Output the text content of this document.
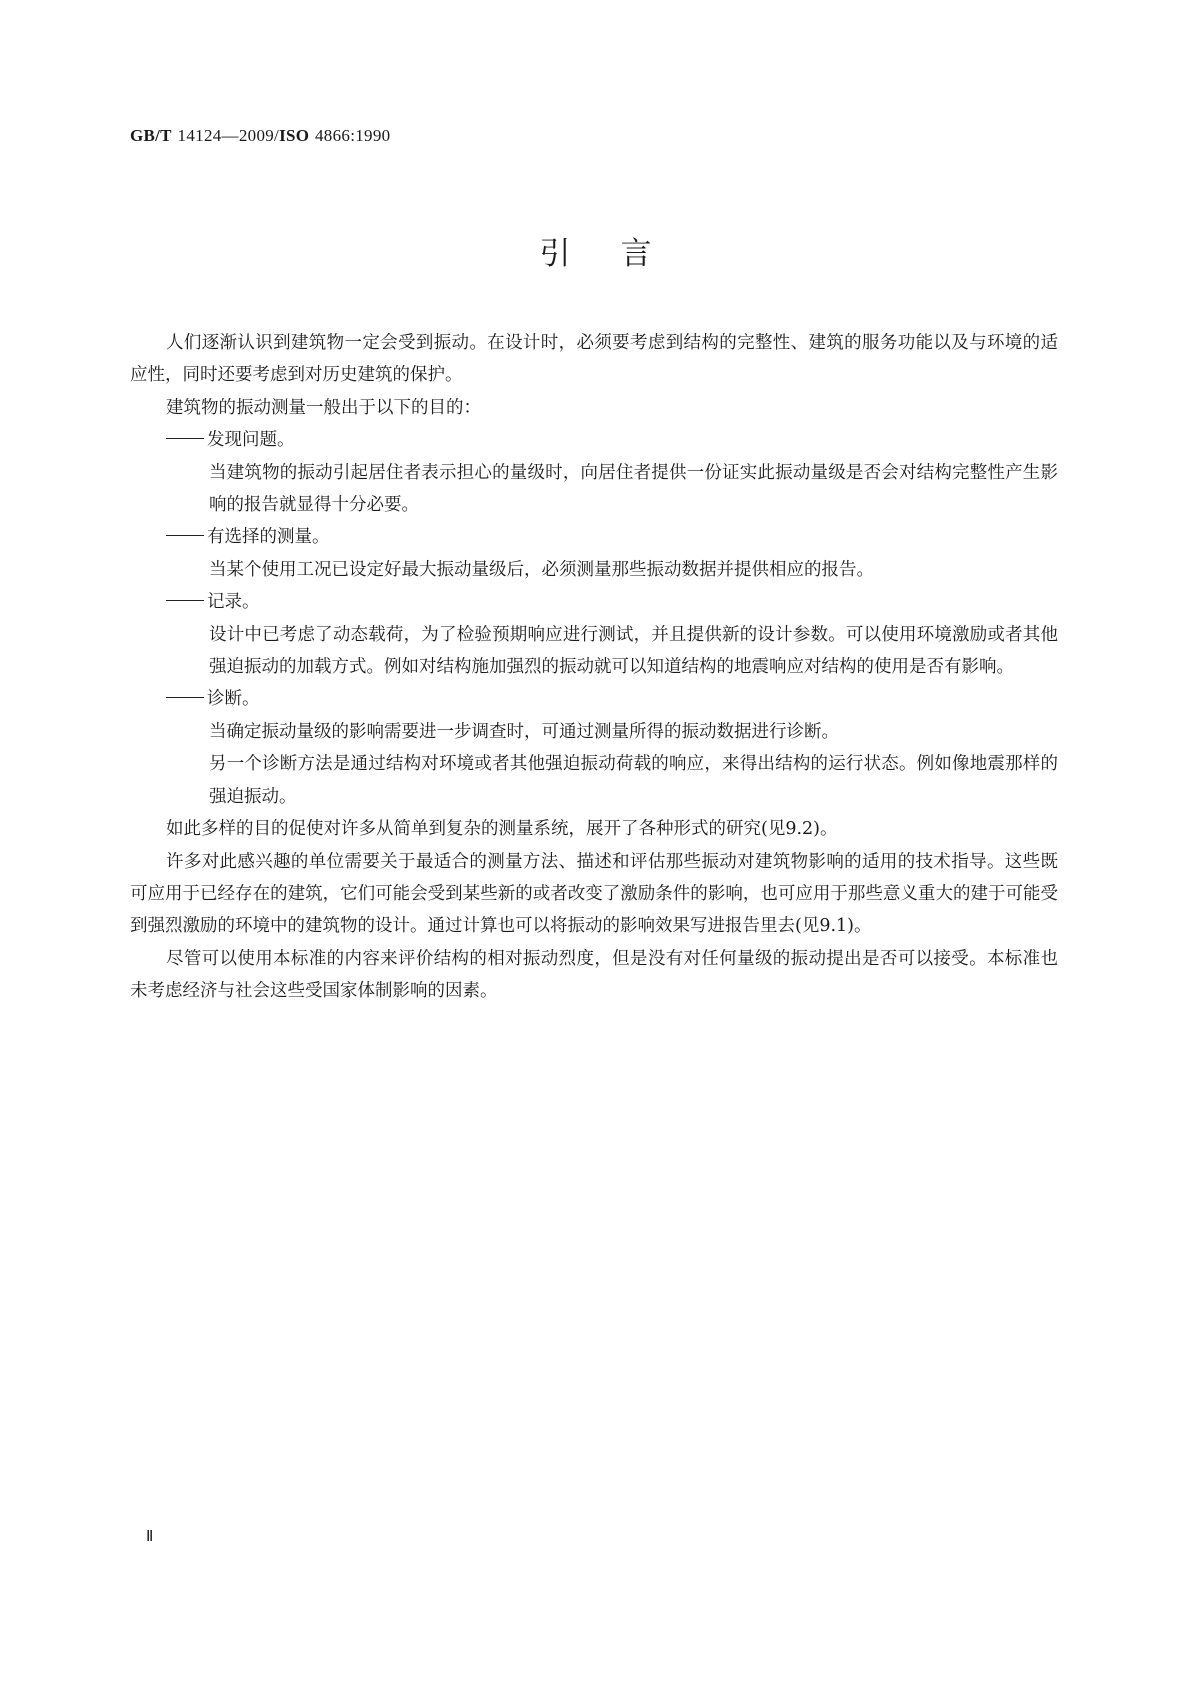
GB/T 14124—2009/ISO 4866:1990
引言

人们逐渐认识到建筑物一定会受到振动。在设计时，必须要考虑到结构的完整性、建筑的服务功能以及与环境的适应性，同时还要考虑到对历史建筑的保护。

建筑物的振动测量一般出于以下的目的：

发现问题。

当建筑物的振动引起居住者表示担心的量级时，向居住者提供一份证实此振动量级是否会对结构完整性产生影响的报告就显得十分必要。

有选择的测量。

当某个使用工况已设定好最大振动量级后，必须测量那些振动数据并提供相应的报告。

记录。

设计中已考虑了动态载荷，为了检验预期响应进行测试，并且提供新的设计参数。可以使用环境激励或者其他强迫振动的加载方式。例如对结构施加强烈的振动就可以知道结构的地震响应对结构的使用是否有影响。

诊断。

当确定振动量级的影响需要进一步调查时，可通过测量所得的振动数据进行诊断。

另一个诊断方法是通过结构对环境或者其他强迫振动荷载的响应，来得出结构的运行状态。例如像地震那样的强迫振动。

如此多样的目的促使对许多从简单到复杂的测量系统，展开了各种形式的研究(见9.2)。

许多对此感兴趣的单位需要关于最适合的测量方法、描述和评估那些振动对建筑物影响的适用的技术指导。这些既可应用于已经存在的建筑，它们可能会受到某些新的或者改变了激励条件的影响，也可应用于那些意义重大的建于可能受到强烈激励的环境中的建筑物的设计。通过计算也可以将振动的影响效果写进报告里去(见9.1)。

尽管可以使用本标准的内容来评价结构的相对振动烈度，但是没有对任何量级的振动提出是否可以接受。本标准也未考虑经济与社会这些受国家体制影响的因素。

Ⅱ
